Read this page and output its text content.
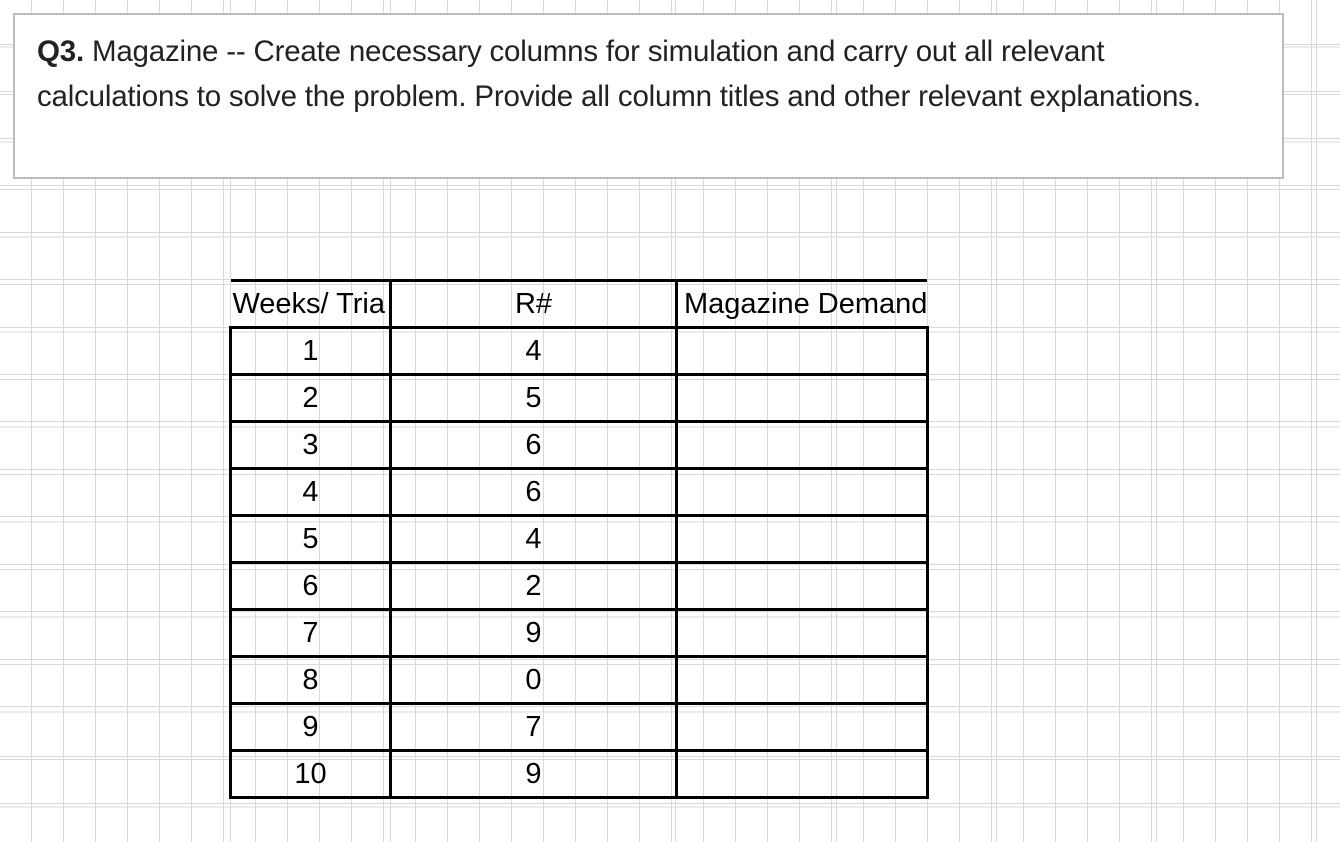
Q3. Magazine -- Create necessary columns for simulation and carry out all relevant calculations to solve the problem. Provide all column titles and other relevant explanations.
Weeks/ Tria	R#	Magazine Demand
1	4	
2	5	
3	6	
4	6	
5	4	
6	2	
7	9	
8	0	
9	7	
10	9	
